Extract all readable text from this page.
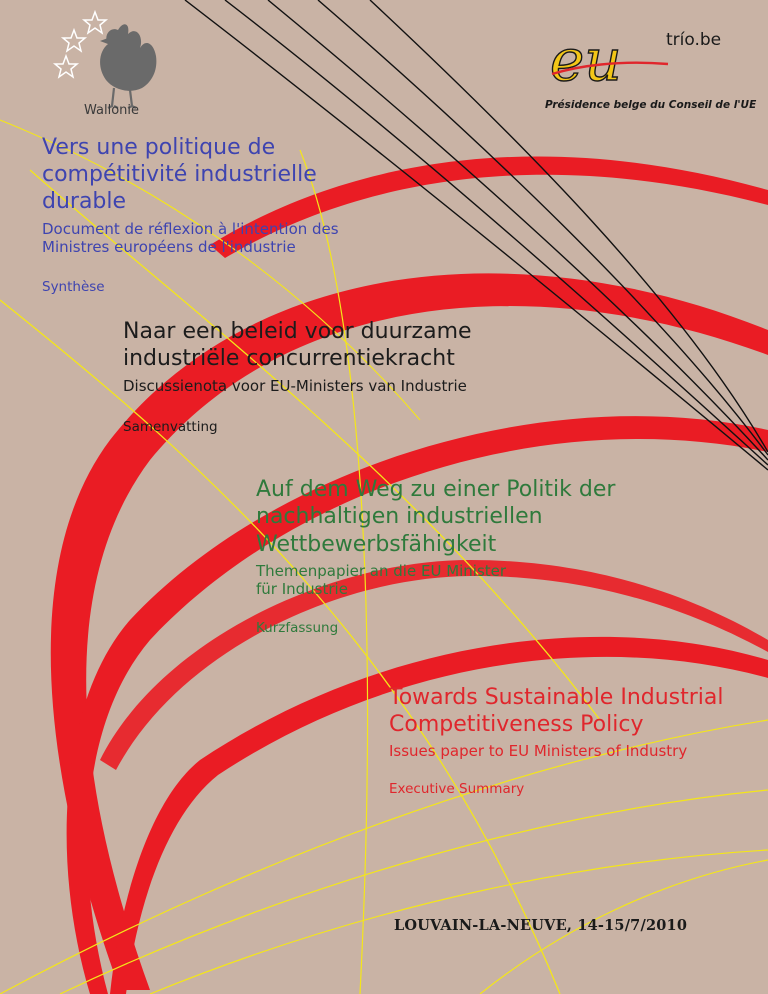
Wallonie
eu	trío.be
Présidence belge du Conseil de l'UE
Vers une politique de
compétitivité industrielle
durable
Document de réflexion à l'intention des
Ministres européens de l'industrie
Synthèse
Naar een beleid voor duurzame
industriële concurrentiekracht
Discussienota voor EU-Ministers van Industrie
Samenvatting
Auf dem Weg zu einer Politik der
nachhaltigen industriellen
Wettbewerbsfähigkeit
Themenpapier an die EU Minister
für Industrie
Kurzfassung
Towards Sustainable Industrial
Competitiveness Policy
Issues paper to EU Ministers of Industry
Executive Summary
LOUVAIN-LA-NEUVE, 14-15/7/2010
